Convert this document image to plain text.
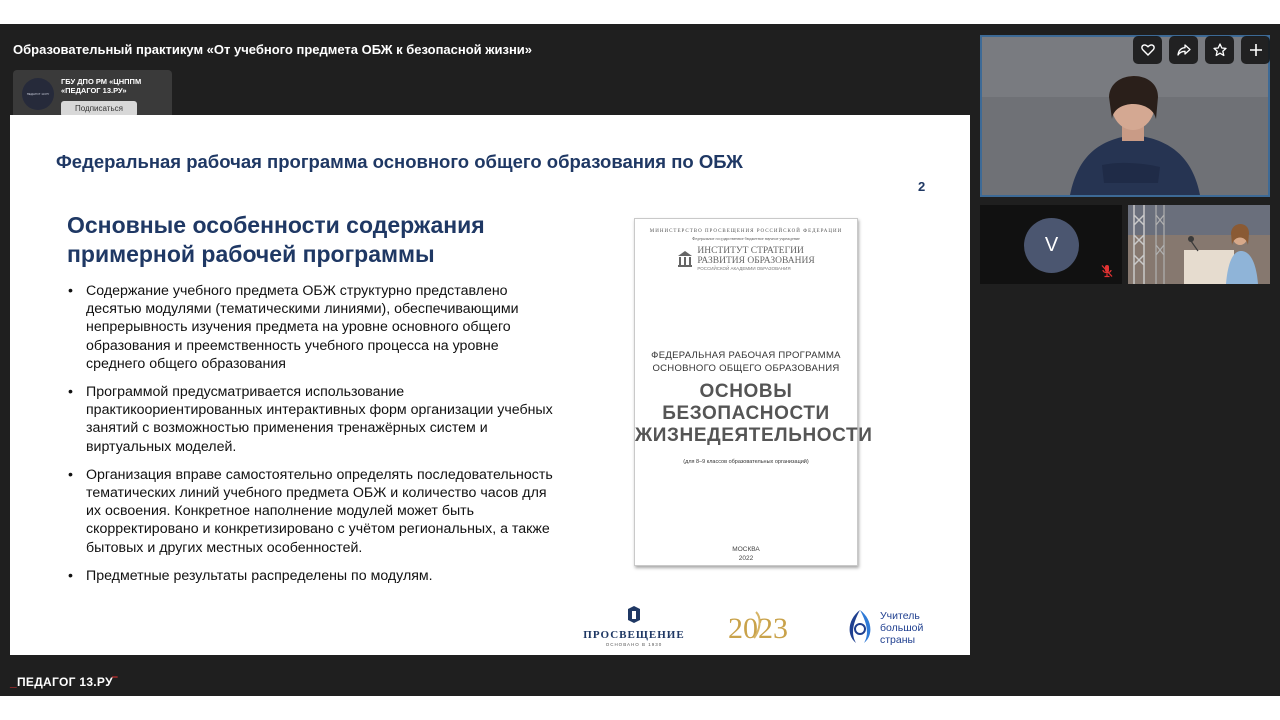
Образовательный практикум «От учебного предмета ОБЖ к безопасной жизни»
ПЕДАГОГ 13.РУ
ГБУ ДПО РМ «ЦНППМ «ПЕДАГОГ 13.РУ»
Подписаться
Федеральная рабочая программа основного общего образования по ОБЖ
2
Основные особенности содержания примерной рабочей программы
• Содержание учебного предмета ОБЖ структурно представлено десятью модулями (тематическими линиями), обеспечивающими непрерывность изучения предмета на уровне основного общего образования и преемственность учебного процесса на уровне среднего общего образования
• Программой предусматривается использование практикоориентированных интерактивных форм организации учебных занятий с возможностью применения тренажёрных систем и виртуальных моделей.
• Организация вправе самостоятельно определять последовательность тематических линий учебного предмета ОБЖ и количество часов для их освоения. Конкретное наполнение модулей может быть скорректировано и конкретизировано с учётом региональных, а также бытовых и других местных особенностей.
• Предметные результаты распределены по модулям.
МИНИСТЕРСТВО ПРОСВЕЩЕНИЯ РОССИЙСКОЙ ФЕДЕРАЦИИ
Федеральное государственное бюджетное научное учреждение
ИНСТИТУТ СТРАТЕГИИ
РАЗВИТИЯ ОБРАЗОВАНИЯ
РОССИЙСКОЙ АКАДЕМИИ ОБРАЗОВАНИЯ
ФЕДЕРАЛЬНАЯ РАБОЧАЯ ПРОГРАММА
ОСНОВНОГО ОБЩЕГО ОБРАЗОВАНИЯ
ОСНОВЫ
БЕЗОПАСНОСТИ
ЖИЗНЕДЕЯТЕЛЬНОСТИ
(для 8–9 классов образовательных организаций)
МОСКВА
2022
ПРОСВЕЩЕНИЕ
ОСНОВАНО В 1930	2023	Учитель
большой
страны
V
_ПЕДАГОГ 13.РУ‾
